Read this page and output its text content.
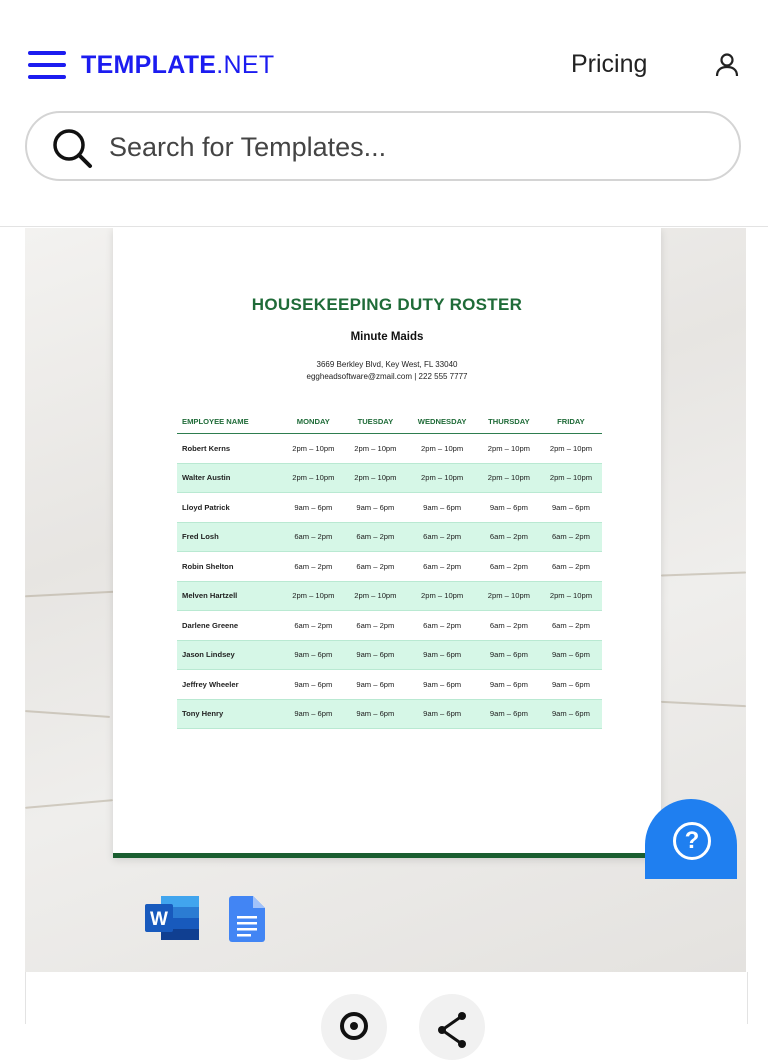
TEMPLATE.NET	Pricing
Search for Templates...
HOUSEKEEPING DUTY ROSTER
Minute Maids
3669 Berkley Blvd, Key West, FL 33040
eggheadsoftware@zmail.com | 222 555 7777
EMPLOYEE NAME	MONDAY	TUESDAY	WEDNESDAY	THURSDAY	FRIDAY
Robert Kerns	2pm – 10pm	2pm – 10pm	2pm – 10pm	2pm – 10pm	2pm – 10pm
Walter Austin	2pm – 10pm	2pm – 10pm	2pm – 10pm	2pm – 10pm	2pm – 10pm
Lloyd Patrick	9am – 6pm	9am – 6pm	9am – 6pm	9am – 6pm	9am – 6pm
Fred Losh	6am – 2pm	6am – 2pm	6am – 2pm	6am – 2pm	6am – 2pm
Robin Shelton	6am – 2pm	6am – 2pm	6am – 2pm	6am – 2pm	6am – 2pm
Melven Hartzell	2pm – 10pm	2pm – 10pm	2pm – 10pm	2pm – 10pm	2pm – 10pm
Darlene Greene	6am – 2pm	6am – 2pm	6am – 2pm	6am – 2pm	6am – 2pm
Jason Lindsey	9am – 6pm	9am – 6pm	9am – 6pm	9am – 6pm	9am – 6pm
Jeffrey Wheeler	9am – 6pm	9am – 6pm	9am – 6pm	9am – 6pm	9am – 6pm
Tony Henry	9am – 6pm	9am – 6pm	9am – 6pm	9am – 6pm	9am – 6pm
?
W
